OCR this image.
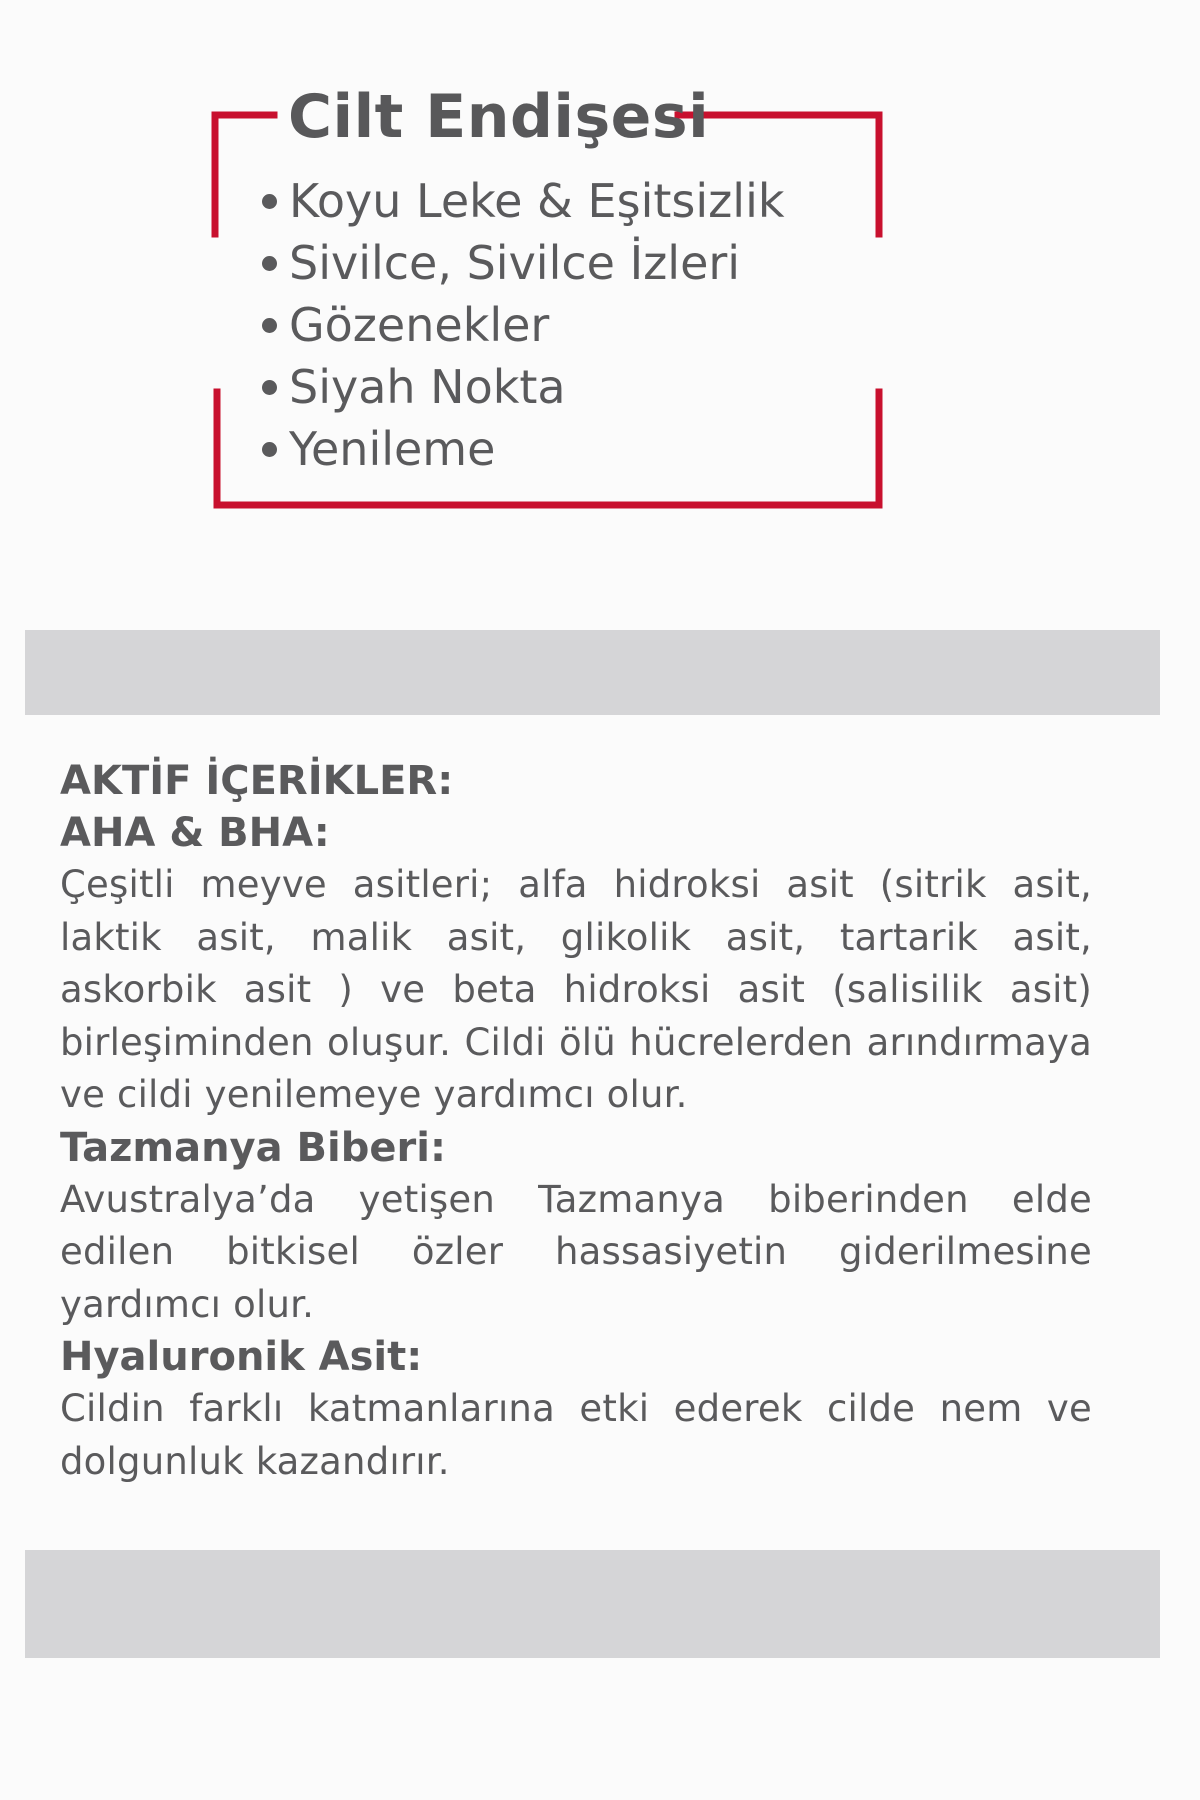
Cilt Endişesi
Koyu Leke & Eşitsizlik
Sivilce, Sivilce İzleri
Gözenekler
Siyah Nokta
Yenileme
AKTİF İÇERİKLER:
AHA & BHA:

Çeşitli meyve asitleri; alfa hidroksi asit (sitrik asit, laktik asit, malik asit, glikolik asit, tartarik asit, askorbik asit ) ve beta hidroksi asit (salisilik asit) birleşiminden oluşur. Cildi ölü hücrelerden arındırmaya ve cildi yenilemeye yardımcı olur.

Tazmanya Biberi:

Avustralya’da yetişen Tazmanya biberinden elde edilen bitkisel özler hassasiyetin giderilmesine yardımcı olur.

Hyaluronik Asit:

Cildin farklı katmanlarına etki ederek cilde nem ve dolgunluk kazandırır.
